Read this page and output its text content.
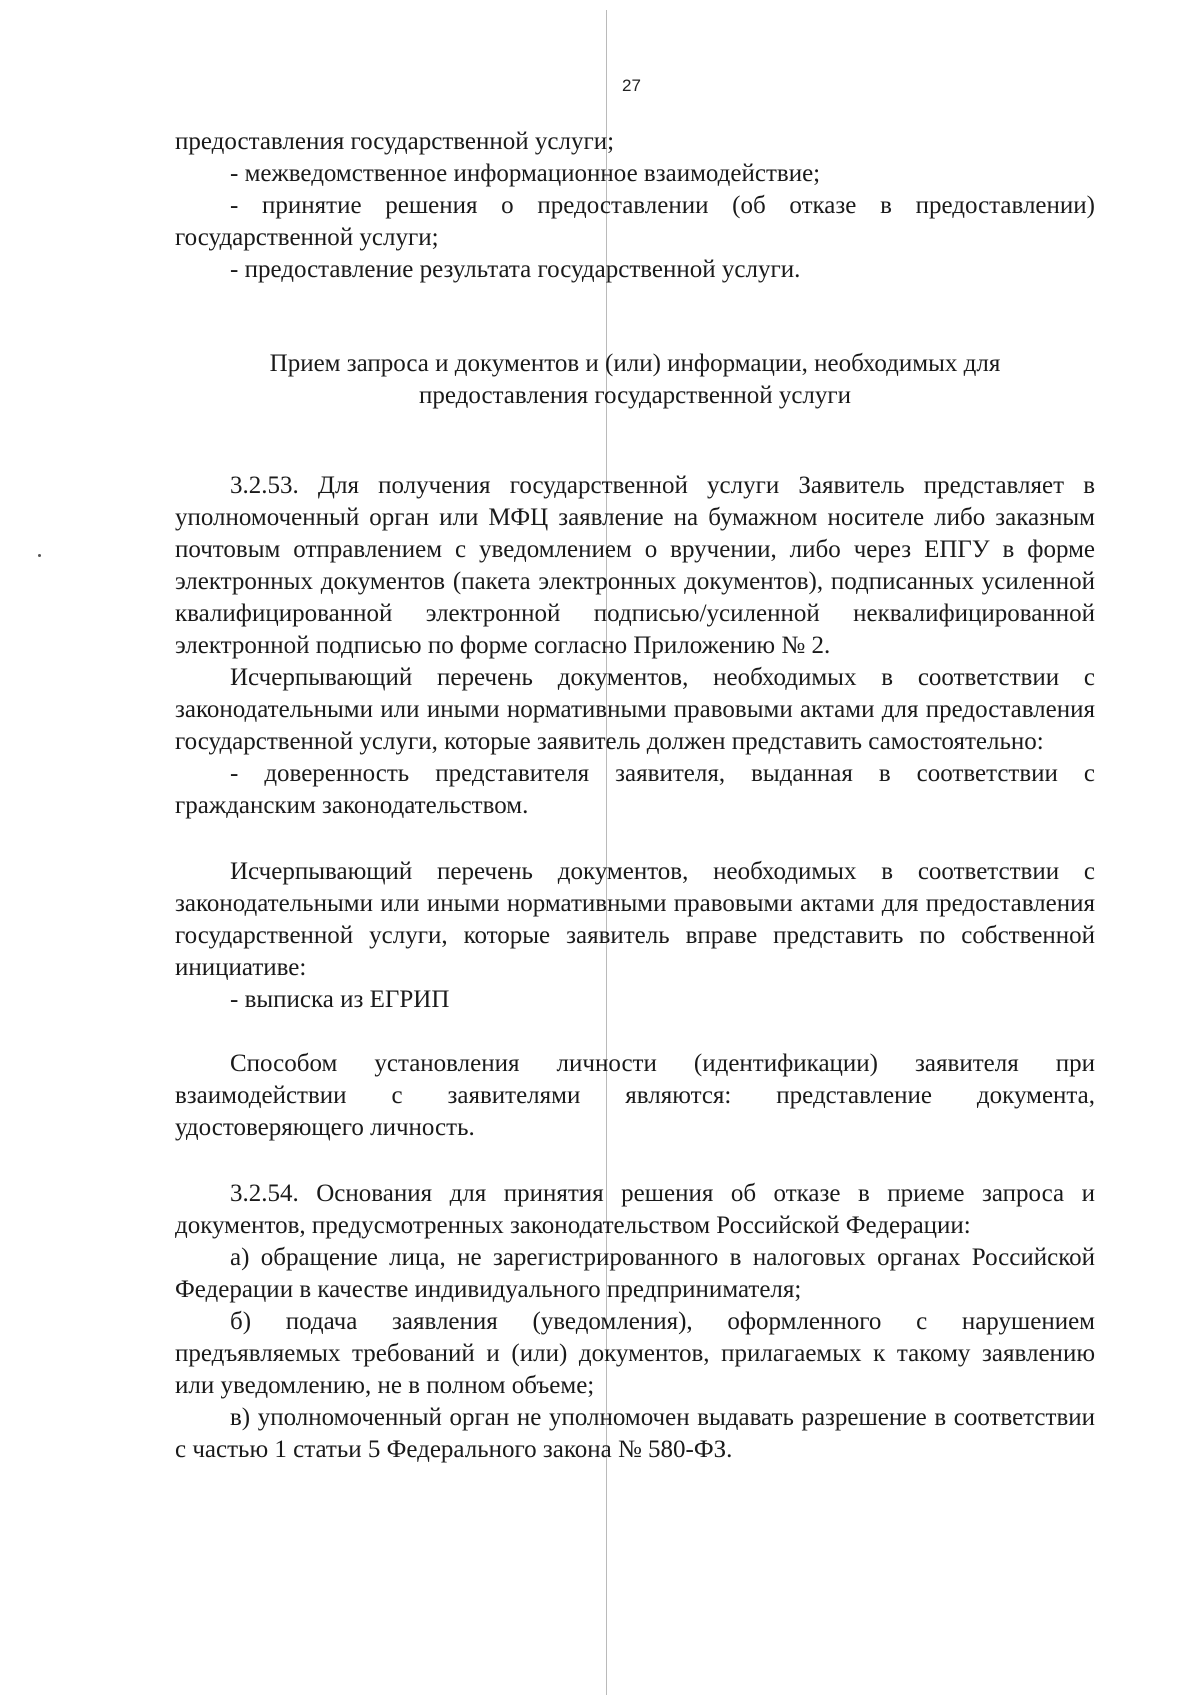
27

предоставления государственной услуги;

- межведомственное информационное взаимодействие;

- принятие решения о предоставлении (об отказе в предоставлении) государственной услуги;

- предоставление результата государственной услуги.

Прием запроса и документов и (или) информации, необходимых для предоставления государственной услуги

3.2.53. Для получения государственной услуги Заявитель представляет в уполномоченный орган или МФЦ заявление на бумажном носителе либо заказным почтовым отправлением с уведомлением о вручении, либо через ЕПГУ в форме электронных документов (пакета электронных документов), подписанных усиленной квалифицированной электронной подписью/усиленной неквалифицированной электронной подписью по форме согласно Приложению № 2.

Исчерпывающий перечень документов, необходимых в соответствии с законодательными или иными нормативными правовыми актами для предоставления государственной услуги, которые заявитель должен представить самостоятельно:

- доверенность представителя заявителя, выданная в соответствии с гражданским законодательством.

Исчерпывающий перечень документов, необходимых в соответствии с законодательными или иными нормативными правовыми актами для предоставления государственной услуги, которые заявитель вправе представить по собственной инициативе:

- выписка из ЕГРИП

Способом установления личности (идентификации) заявителя при взаимодействии с заявителями являются: представление документа, удостоверяющего личность.

3.2.54. Основания для принятия решения об отказе в приеме запроса и документов, предусмотренных законодательством Российской Федерации:

а) обращение лица, не зарегистрированного в налоговых органах Российской Федерации в качестве индивидуального предпринимателя;

б) подача заявления (уведомления), оформленного с нарушением предъявляемых требований и (или) документов, прилагаемых к такому заявлению или уведомлению, не в полном объеме;

в) уполномоченный орган не уполномочен выдавать разрешение в соответствии с частью 1 статьи 5 Федерального закона № 580-ФЗ.
